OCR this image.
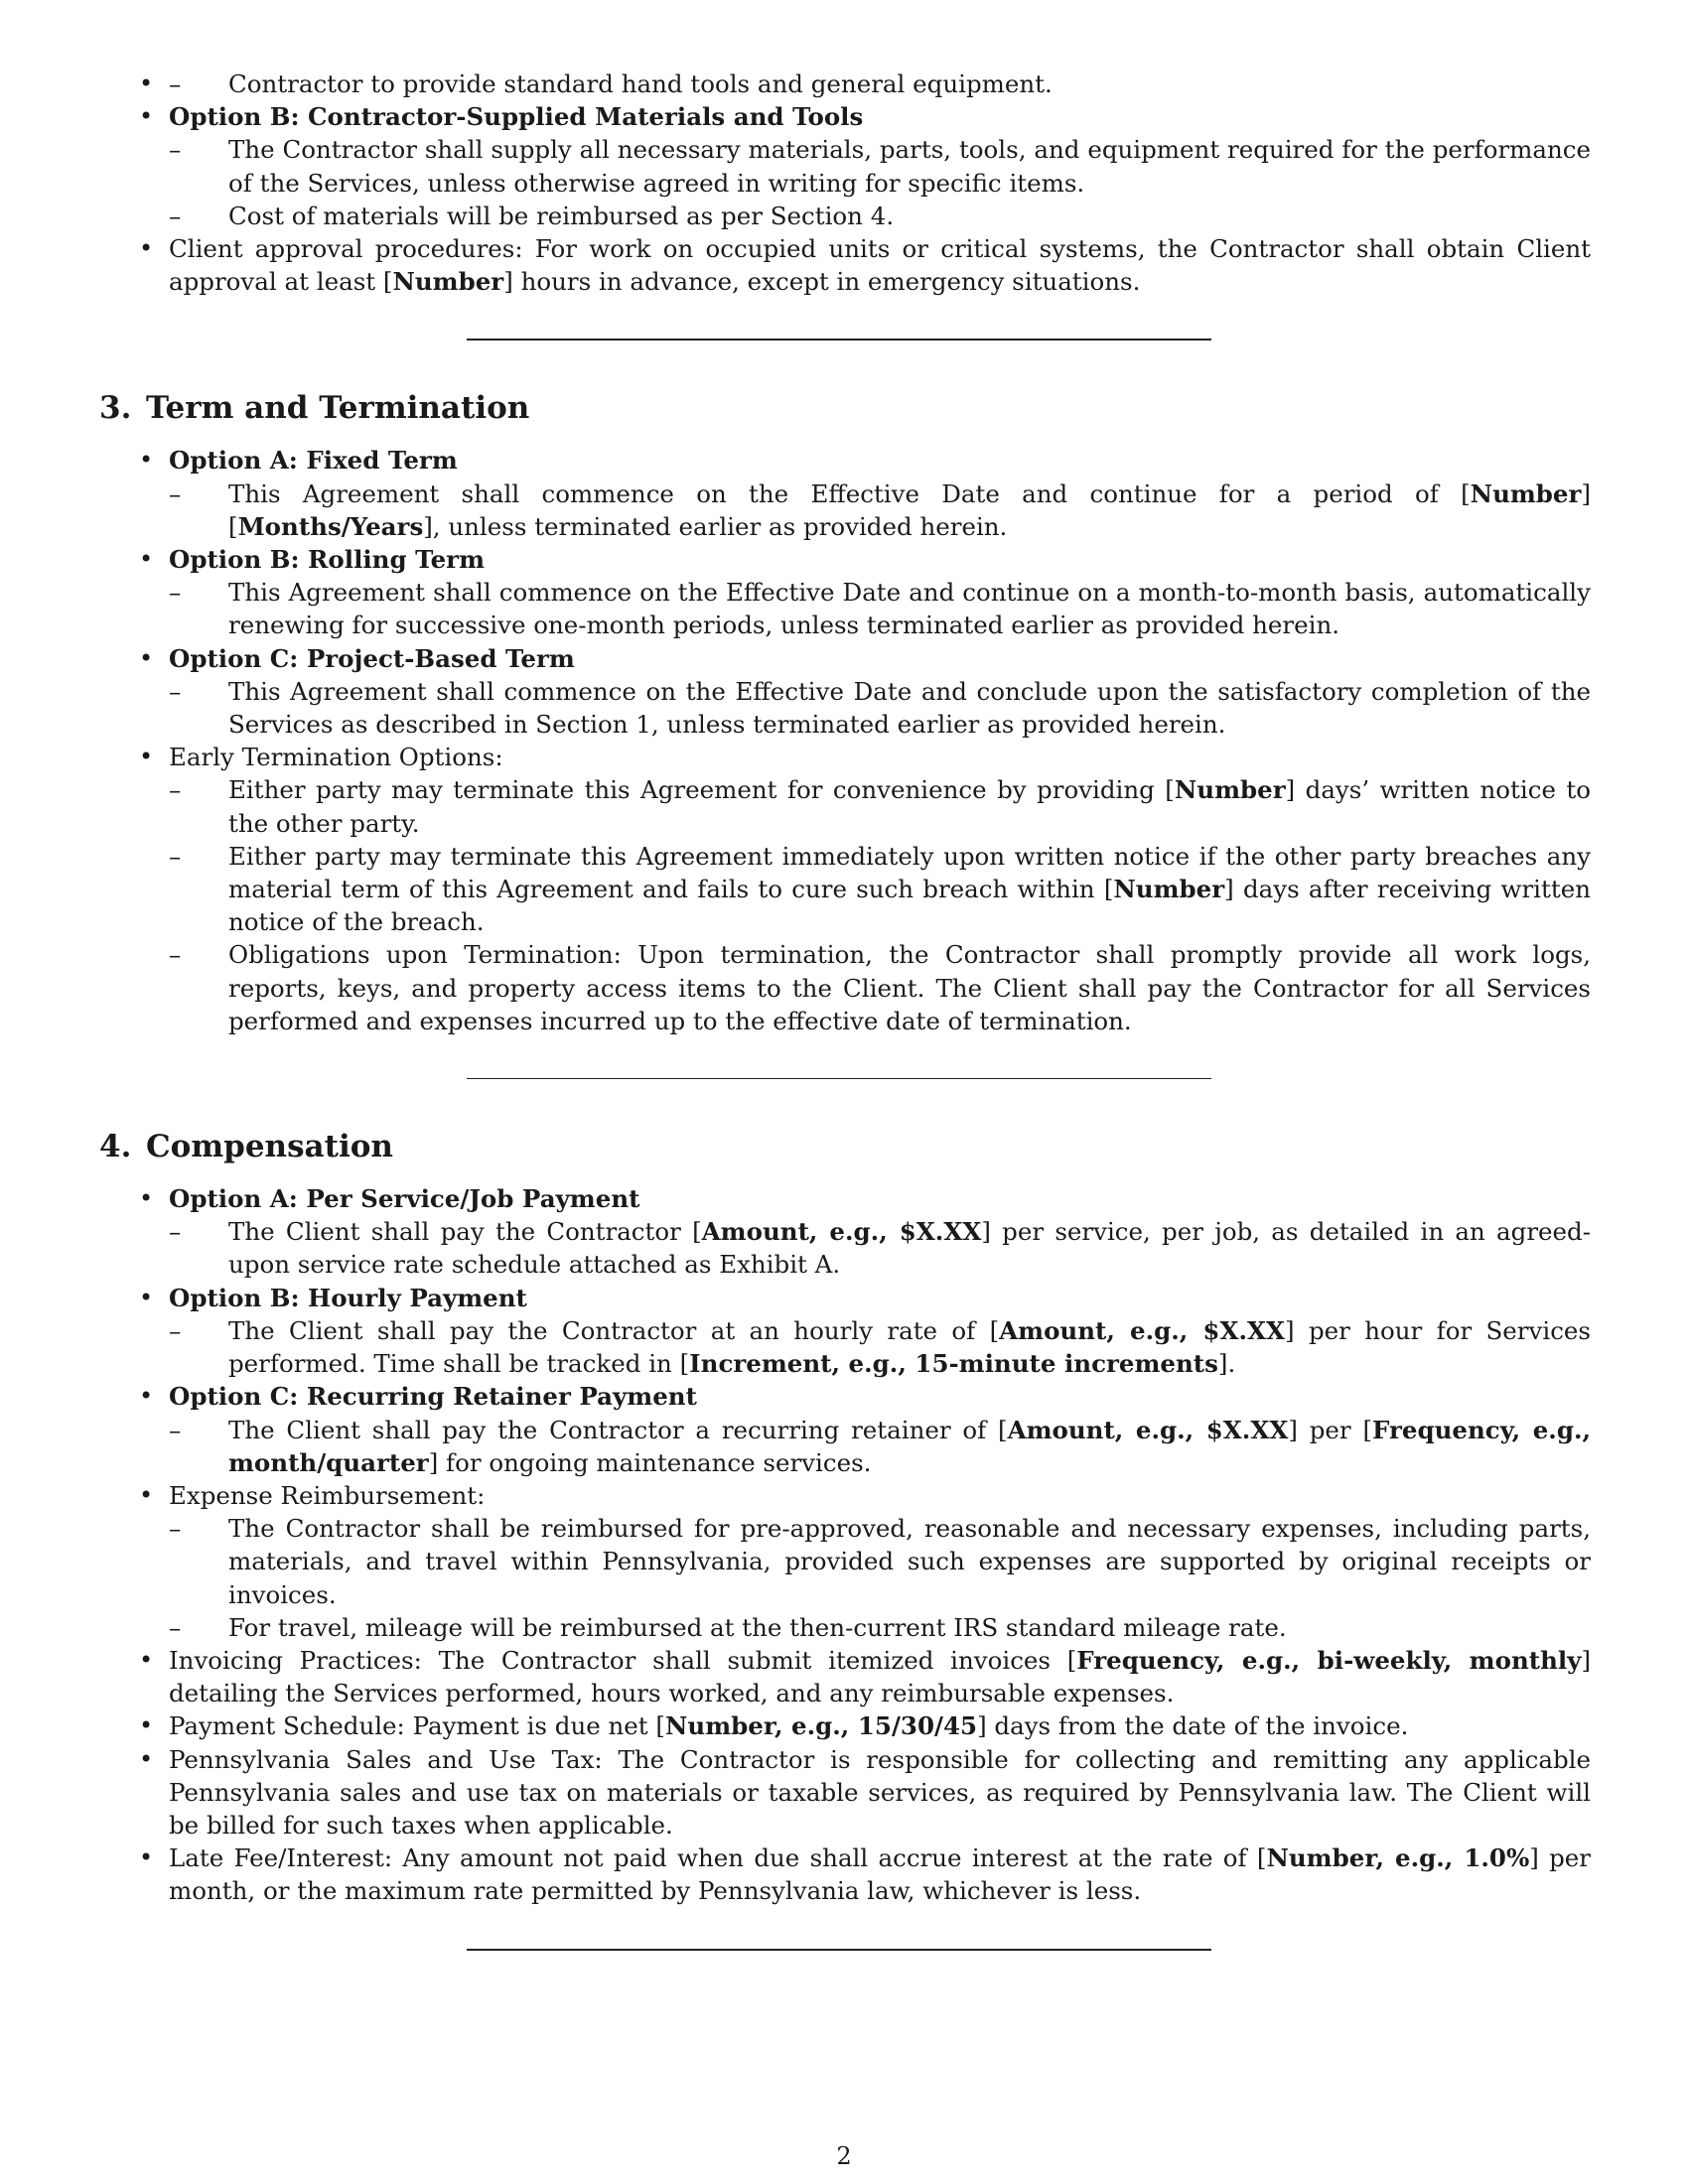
– Contractor to provide standard hand tools and general equipment.
• Option B: Contractor-Supplied Materials and Tools
– The Contractor shall supply all necessary materials, parts, tools, and equipment required for the performance of the Services, unless otherwise agreed in writing for specific items.
– Cost of materials will be reimbursed as per Section 4.
• Client approval procedures: For work on occupied units or critical systems, the Contractor shall obtain Client approval at least [Number] hours in advance, except in emergency situations.
3. Term and Termination
• Option A: Fixed Term
– This Agreement shall commence on the Effective Date and continue for a period of [Number] [Months/Years], unless terminated earlier as provided herein.
• Option B: Rolling Term
– This Agreement shall commence on the Effective Date and continue on a month-to-month basis, automatically renewing for successive one-month periods, unless terminated earlier as provided herein.
• Option C: Project-Based Term
– This Agreement shall commence on the Effective Date and conclude upon the satisfactory completion of the Services as described in Section 1, unless terminated earlier as provided herein.
• Early Termination Options:
– Either party may terminate this Agreement for convenience by providing [Number] days’ written notice to the other party.
– Either party may terminate this Agreement immediately upon written notice if the other party breaches any material term of this Agreement and fails to cure such breach within [Number] days after receiving written notice of the breach.
– Obligations upon Termination: Upon termination, the Contractor shall promptly provide all work logs, reports, keys, and property access items to the Client. The Client shall pay the Contractor for all Services performed and expenses incurred up to the effective date of termination.
4. Compensation
• Option A: Per Service/Job Payment
– The Client shall pay the Contractor [Amount, e.g., $X.XX] per service, per job, as detailed in an agreed-upon service rate schedule attached as Exhibit A.
• Option B: Hourly Payment
– The Client shall pay the Contractor at an hourly rate of [Amount, e.g., $X.XX] per hour for Services performed. Time shall be tracked in [Increment, e.g., 15-minute increments].
• Option C: Recurring Retainer Payment
– The Client shall pay the Contractor a recurring retainer of [Amount, e.g., $X.XX] per [Frequency, e.g., month/quarter] for ongoing maintenance services.
• Expense Reimbursement:
– The Contractor shall be reimbursed for pre-approved, reasonable and necessary expenses, including parts, materials, and travel within Pennsylvania, provided such expenses are supported by original receipts or invoices.
– For travel, mileage will be reimbursed at the then-current IRS standard mileage rate.
• Invoicing Practices: The Contractor shall submit itemized invoices [Frequency, e.g., bi-weekly, monthly] detailing the Services performed, hours worked, and any reimbursable expenses.
• Payment Schedule: Payment is due net [Number, e.g., 15/30/45] days from the date of the invoice.
• Pennsylvania Sales and Use Tax: The Contractor is responsible for collecting and remitting any applicable Pennsylvania sales and use tax on materials or taxable services, as required by Pennsylvania law. The Client will be billed for such taxes when applicable.
• Late Fee/Interest: Any amount not paid when due shall accrue interest at the rate of [Number, e.g., 1.0%] per month, or the maximum rate permitted by Pennsylvania law, whichever is less.
2
